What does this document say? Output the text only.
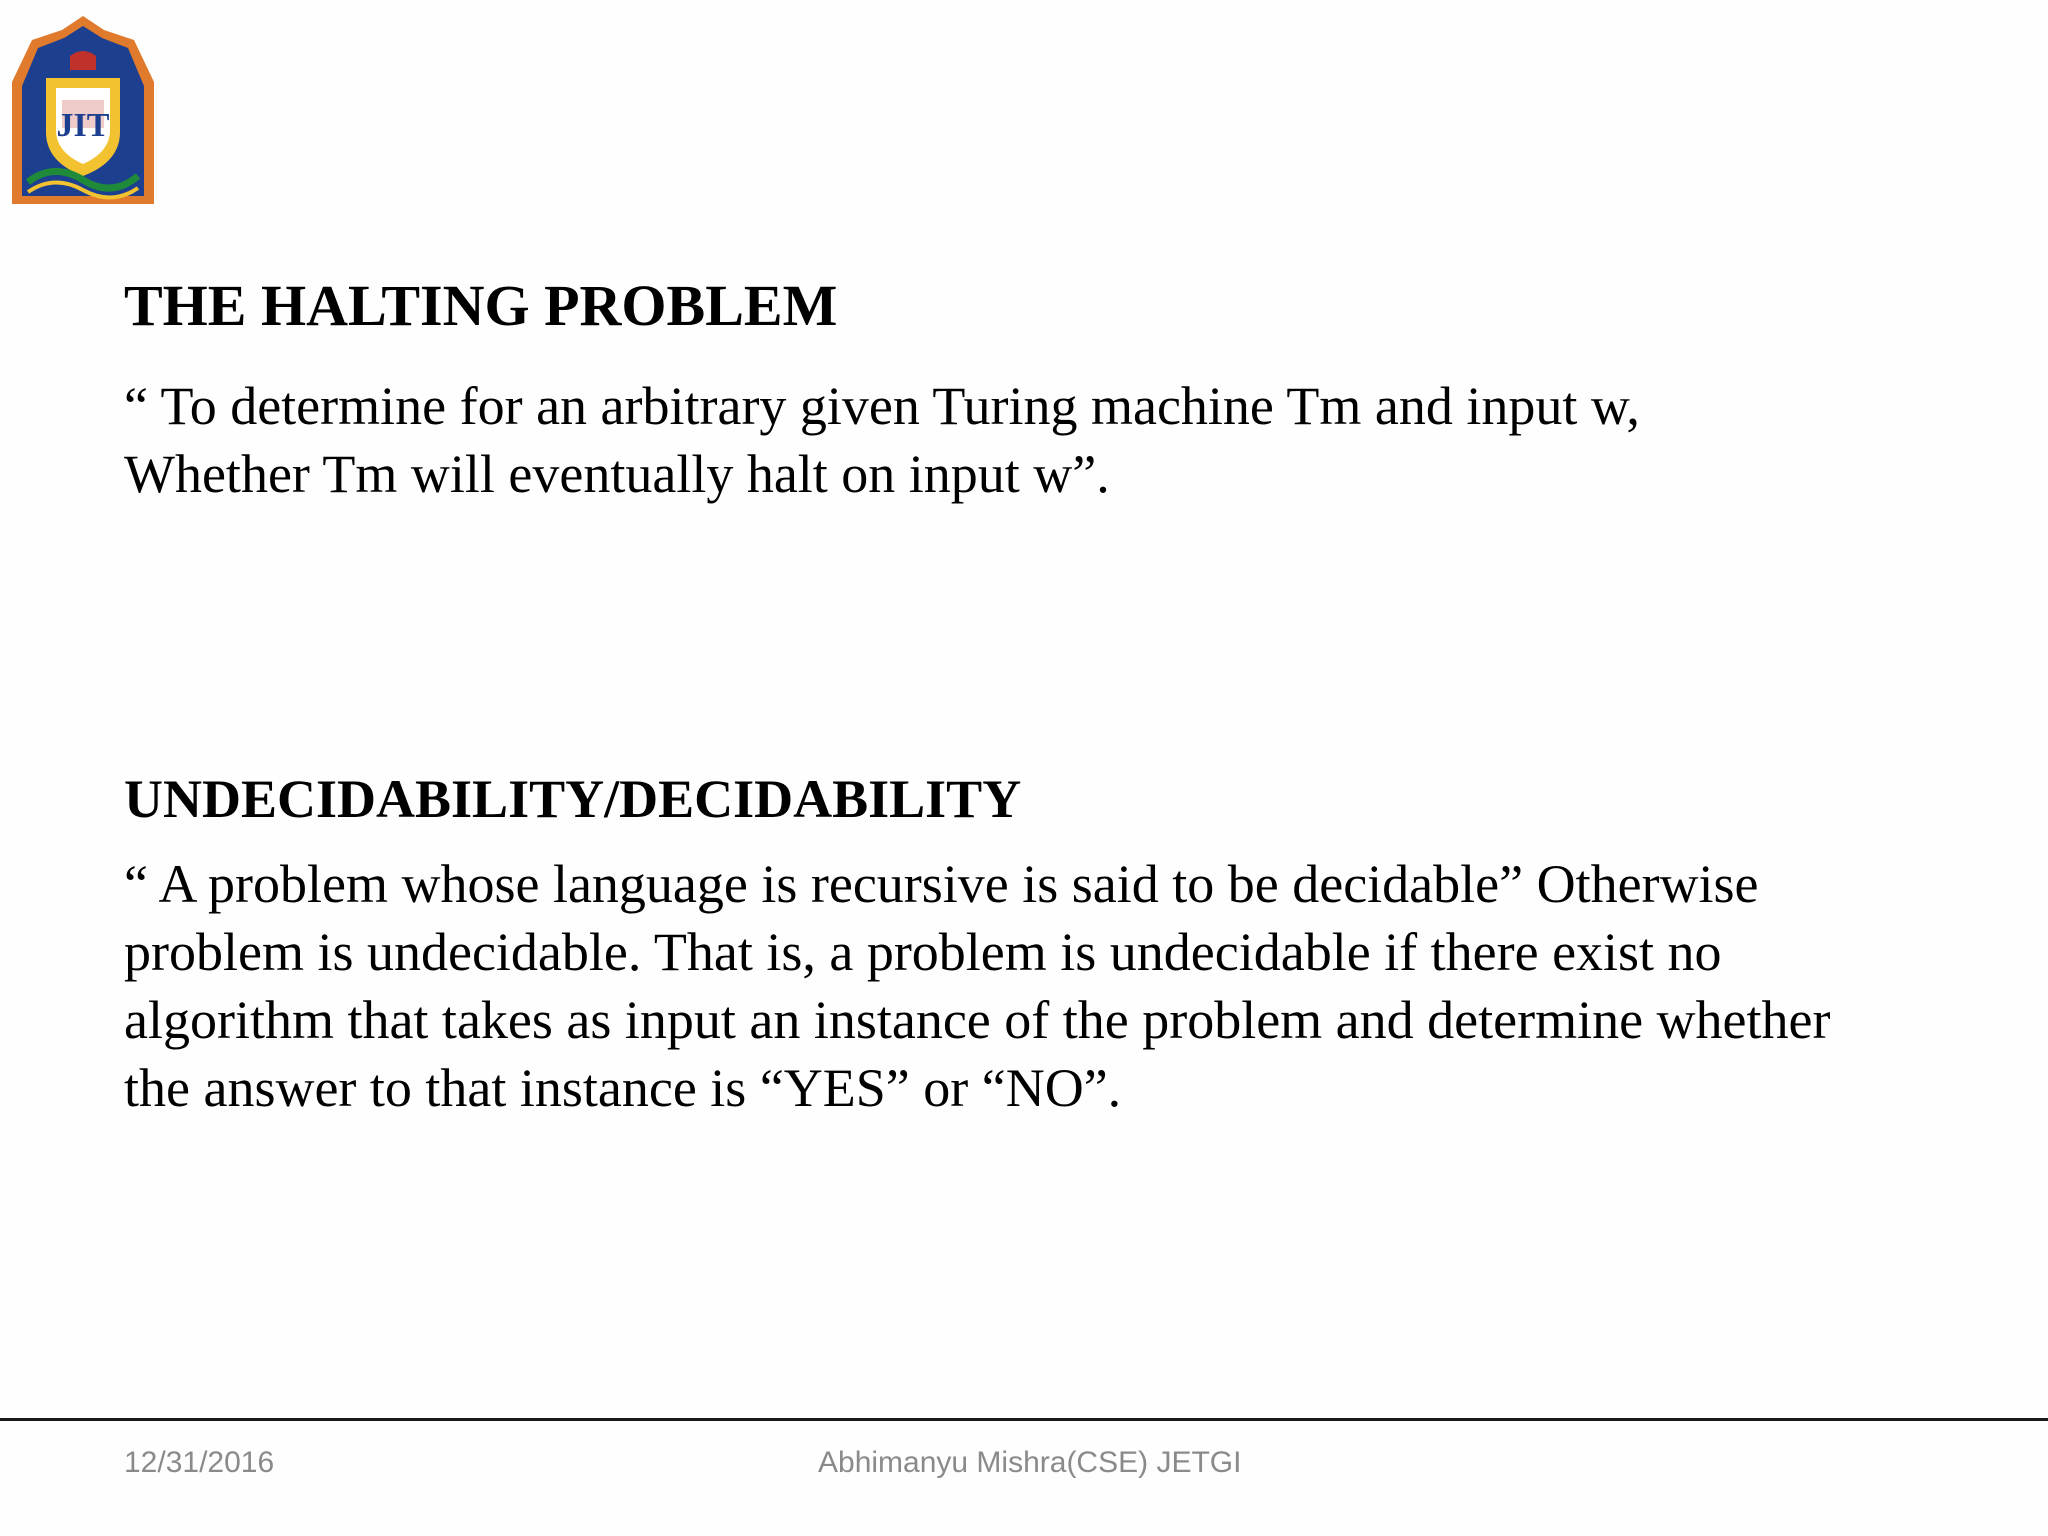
JIT
THE HALTING PROBLEM

“ To determine for an arbitrary given Turing machine Tm and input w,
Whether Tm will eventually halt on input w”.

UNDECIDABILITY/DECIDABILITY

“ A problem whose language is recursive is said to be decidable” Otherwise
problem is undecidable. That is, a problem is undecidable if there exist no
algorithm that takes as input an instance of the problem and determine whether
the answer to that instance is “YES” or “NO”.

12/31/2016	Abhimanyu Mishra(CSE) JETGI
